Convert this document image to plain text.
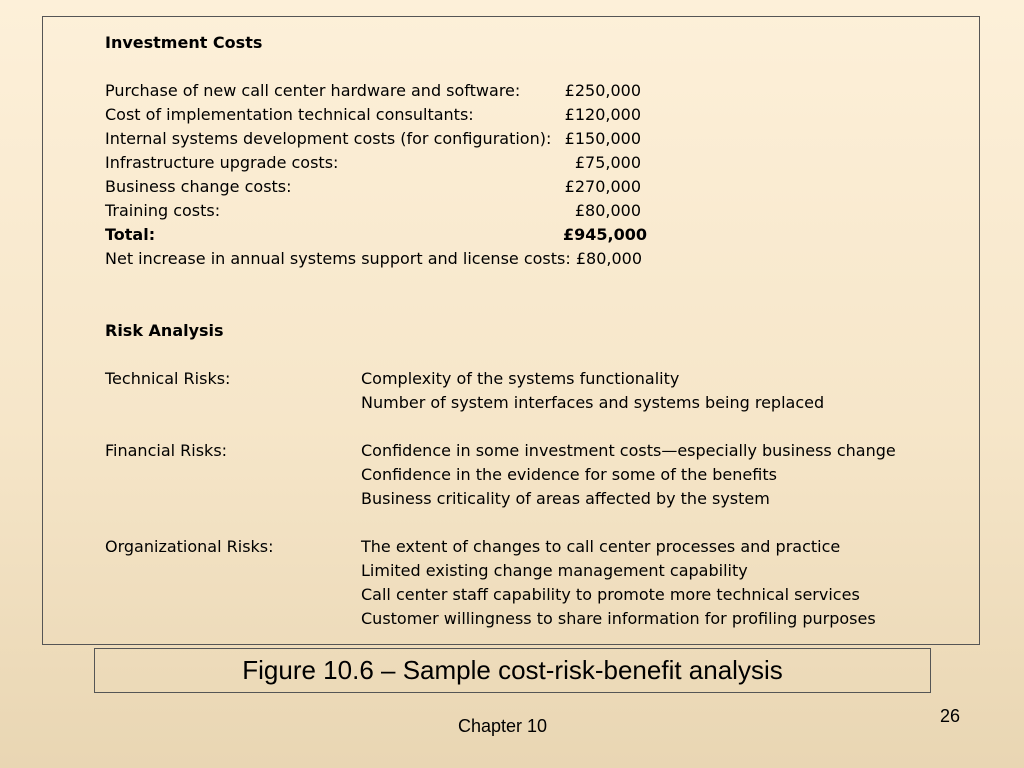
Investment Costs
Purchase of new call center hardware and software:	£250,000
Cost of implementation technical consultants:	£120,000
Internal systems development costs (for configuration): £150,000
Infrastructure upgrade costs:	£75,000
Business change costs:	£270,000
Training costs:	£80,000
Total:	£945,000
Net increase in annual systems support and license costs: £80,000
Risk Analysis
Technical Risks:	Complexity of the systems functionality
Number of system interfaces and systems being replaced
Financial Risks:	Confidence in some investment costs—especially business change
Confidence in the evidence for some of the benefits
Business criticality of areas affected by the system
Organizational Risks:	The extent of changes to call center processes and practice
Limited existing change management capability
Call center staff capability to promote more technical services
Customer willingness to share information for profiling purposes
Figure 10.6 – Sample cost-risk-benefit analysis
Chapter 10	26
